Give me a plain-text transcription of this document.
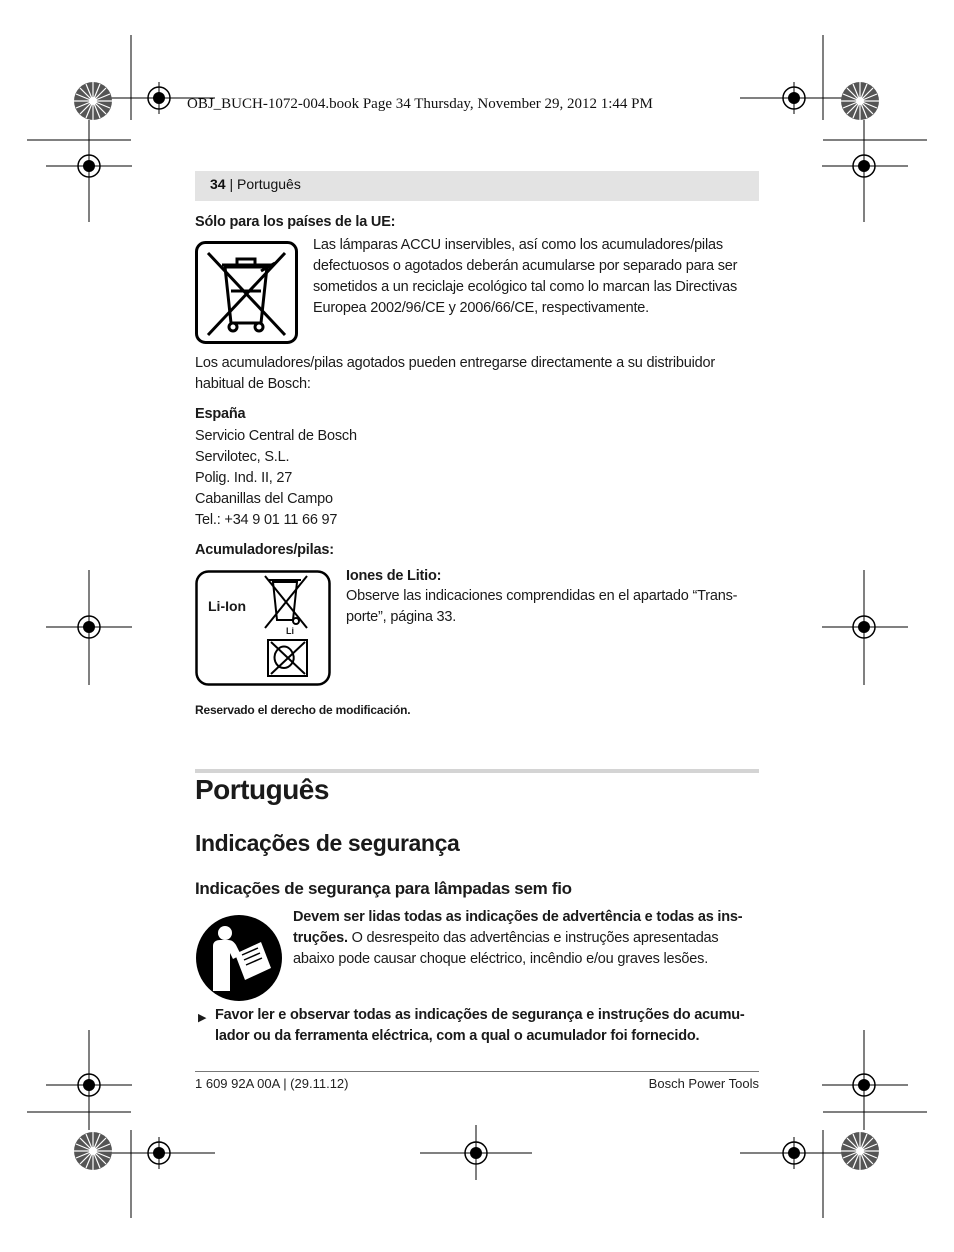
OBJ_BUCH-1072-004.book Page 34 Thursday, November 29, 2012 1:44 PM
34 | Português
Sólo para los países de la UE:
Las lámparas ACCU inservibles, así como los acumuladores/pilas
defectuosos o agotados deberán acumularse por separado para ser
sometidos a un reciclaje ecológico tal como lo marcan las Directivas
Europea 2002/96/CE y 2006/66/CE, respectivamente.
Los acumuladores/pilas agotados pueden entregarse directamente a su distribuidor
habitual de Bosch:
España
Servicio Central de Bosch
Servilotec, S.L.
Polig. Ind. II, 27
Cabanillas del Campo
Tel.: +34 9 01 11 66 97
Acumuladores/pilas:
Li-Ion
Li
Iones de Litio:
Observe las indicaciones comprendidas en el apartado “Trans-
porte”, página 33.
Reservado el derecho de modificación.
Português
Indicações de segurança
Indicações de segurança para lâmpadas sem fio
Devem ser lidas todas as indicações de advertência e todas as ins-
truções. O desrespeito das advertências e instruções apresentadas
abaixo pode causar choque eléctrico, incêndio e/ou graves lesões.
▶ Favor ler e observar todas as indicações de segurança e instruções do acumu-
lador ou da ferramenta eléctrica, com a qual o acumulador foi fornecido.
1 609 92A 00A | (29.11.12)	Bosch Power Tools
